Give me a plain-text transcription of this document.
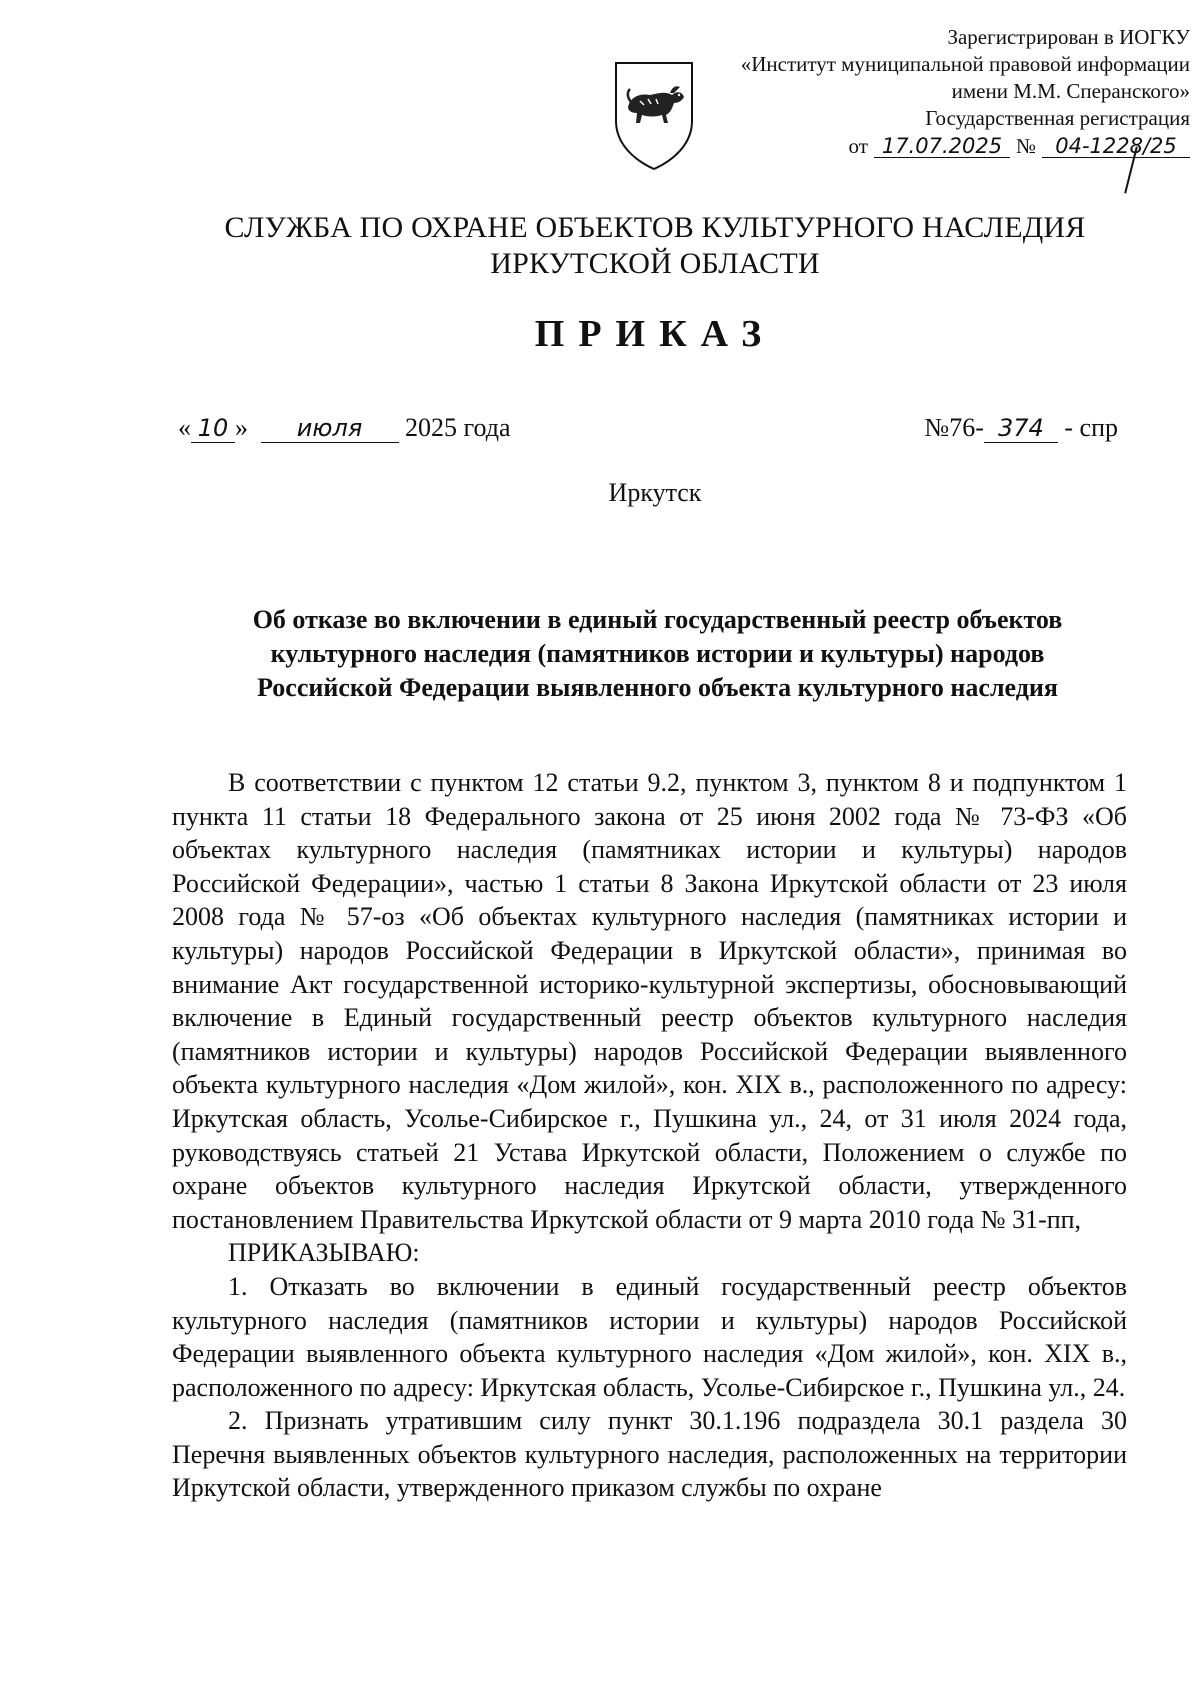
Зарегистрирован в ИОГКУ
«Институт муниципальной правовой информации
имени М.М. Сперанского»
Государственная регистрация
от 17.07.2025 № 04-1228/25
СЛУЖБА ПО ОХРАНЕ ОБЪЕКТОВ КУЛЬТУРНОГО НАСЛЕДИЯ
ИРКУТСКОЙ ОБЛАСТИ
ПРИКАЗ
« 10 » июля 2025 года	№76- 374 - спр
Иркутск
Об отказе во включении в единый государственный реестр объектов
культурного наследия (памятников истории и культуры) народов
Российской Федерации выявленного объекта культурного наследия

В соответствии с пунктом 12 статьи 9.2, пунктом 3, пунктом 8 и подпунктом 1 пункта 11 статьи 18 Федерального закона от 25 июня 2002 года № 73-ФЗ «Об объектах культурного наследия (памятниках истории и культуры) народов Российской Федерации», частью 1 статьи 8 Закона Иркутской области от 23 июля 2008 года № 57-оз «Об объектах культурного наследия (памятниках истории и культуры) народов Российской Федерации в Иркутской области», принимая во внимание Акт государственной историко-культурной экспертизы, обосновывающий включение в Единый государственный реестр объектов культурного наследия (памятников истории и культуры) народов Российской Федерации выявленного объекта культурного наследия «Дом жилой», кон. XIX в., расположенного по адресу: Иркутская область, Усолье-Сибирское г., Пушкина ул., 24, от 31 июля 2024 года, руководствуясь статьей 21 Устава Иркутской области, Положением о службе по охране объектов культурного наследия Иркутской области, утвержденного постановлением Правительства Иркутской области от 9 марта 2010 года № 31-пп,

ПРИКАЗЫВАЮ:

1. Отказать во включении в единый государственный реестр объектов культурного наследия (памятников истории и культуры) народов Российской Федерации выявленного объекта культурного наследия «Дом жилой», кон. XIX в., расположенного по адресу: Иркутская область, Усолье-Сибирское г., Пушкина ул., 24.

2. Признать утратившим силу пункт 30.1.196 подраздела 30.1 раздела 30 Перечня выявленных объектов культурного наследия, расположенных на территории Иркутской области, утвержденного приказом службы по охране
